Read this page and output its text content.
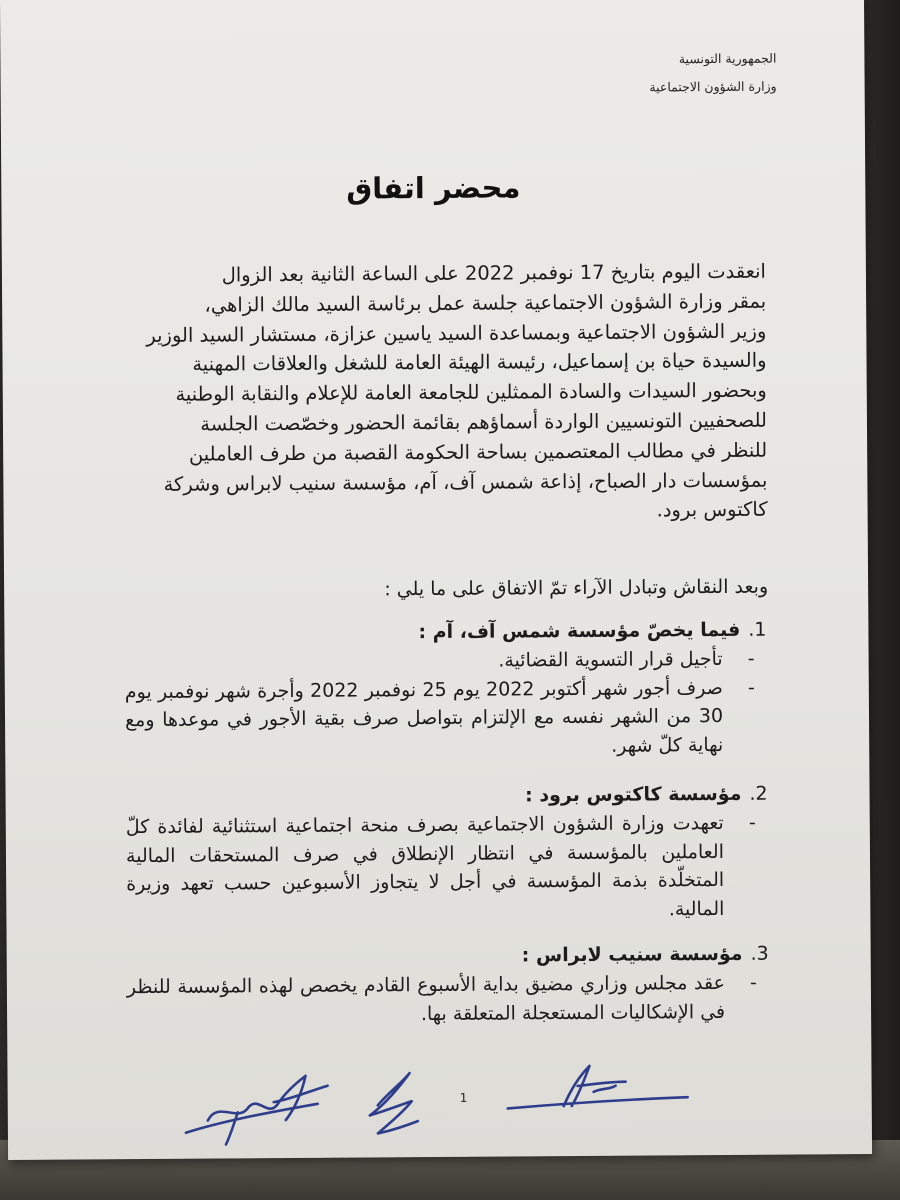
الجمهورية التونسية
وزارة الشؤون الاجتماعية
محضر اتفاق
انعقدت اليوم بتاريخ 17 نوفمبر 2022 على الساعة الثانية بعد الزوال
بمقر وزارة الشؤون الاجتماعية جلسة عمل برئاسة السيد مالك الزاهي،
وزير الشؤون الاجتماعية وبمساعدة السيد ياسين عزازة، مستشار السيد الوزير
والسيدة حياة بن إسماعيل، رئيسة الهيئة العامة للشغل والعلاقات المهنية
وبحضور السيدات والسادة الممثلين للجامعة العامة للإعلام والنقابة الوطنية
للصحفيين التونسيين الواردة أسماؤهم بقائمة الحضور وخصّصت الجلسة
للنظر في مطالب المعتصمين بساحة الحكومة القصبة من طرف العاملين
بمؤسسات دار الصباح، إذاعة شمس آف، آم، مؤسسة سنيب لابراس وشركة
كاكتوس برود.
وبعد النقاش وتبادل الآراء تمّ الاتفاق على ما يلي :
1.
فيما يخصّ مؤسسة شمس آف، آم :
-
تأجيل قرار التسوية القضائية.
-
صرف أجور شهر أكتوبر 2022 يوم 25 نوفمبر 2022 وأجرة شهر نوفمبر يوم 30 من الشهر نفسه مع الإلتزام بتواصل صرف بقية الأجور في موعدها ومع نهاية كلّ شهر.
2.
مؤسسة كاكتوس برود :
-
تعهدت وزارة الشؤون الاجتماعية بصرف منحة اجتماعية استثنائية لفائدة كلّ العاملين بالمؤسسة في انتظار الإنطلاق في صرف المستحقات المالية المتخلّدة بذمة المؤسسة في أجل لا يتجاوز الأسبوعين حسب تعهد وزيرة المالية.
3.
مؤسسة سنيب لابراس :
-
عقد مجلس وزاري مضيق بداية الأسبوع القادم يخصص لهذه المؤسسة للنظر في الإشكاليات المستعجلة المتعلقة بها.
1
